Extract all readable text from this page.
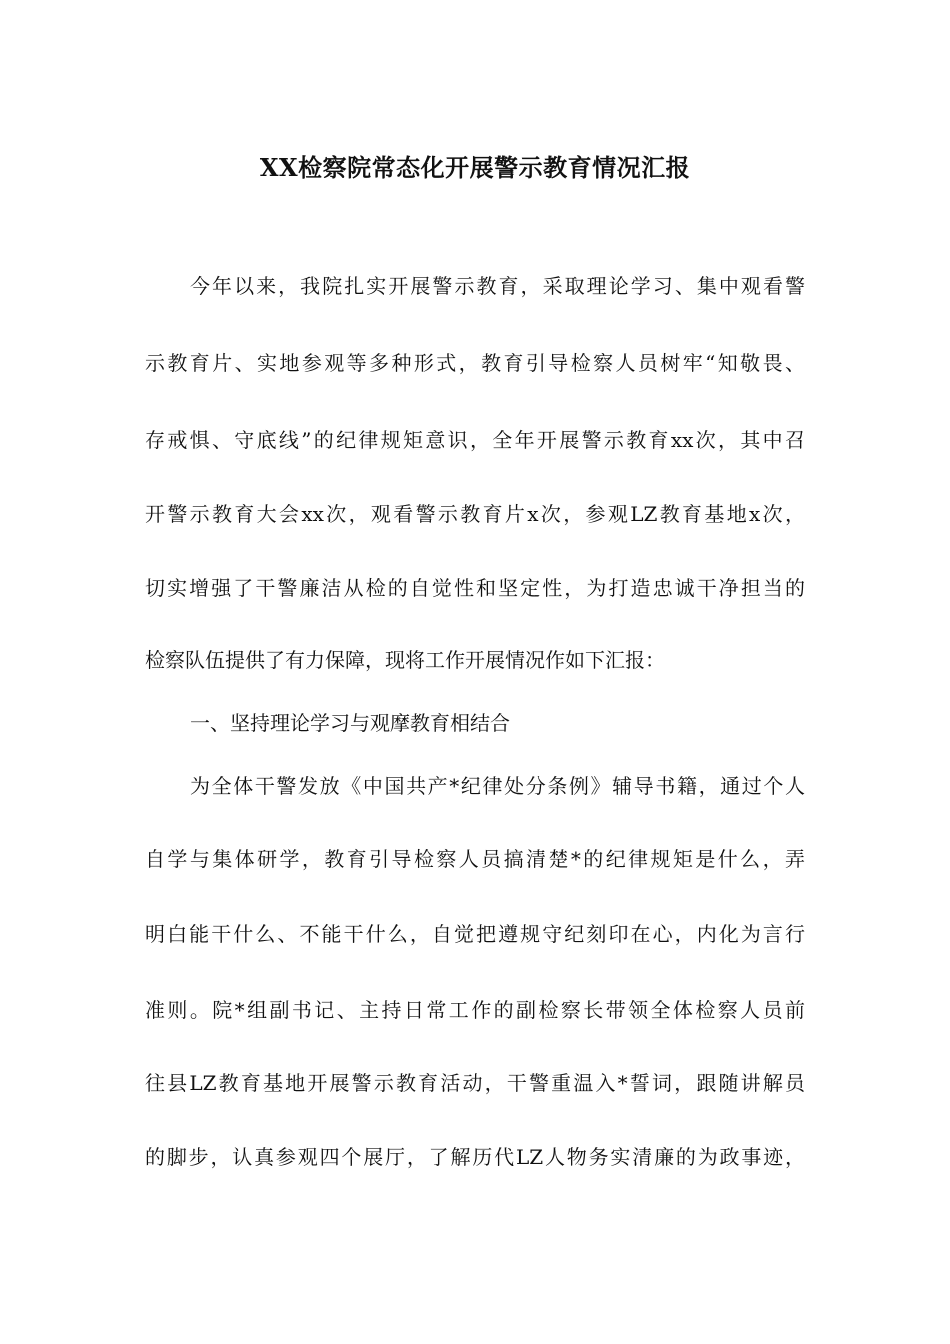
XX检察院常态化开展警示教育情况汇报
今年以来，我院扎实开展警示教育，采取理论学习、集中观看警
示教育片、实地参观等多种形式，教育引导检察人员树牢“知敬畏、
存戒惧、守底线”的纪律规矩意识，全年开展警示教育xx次，其中召
开警示教育大会xx次，观看警示教育片x次，参观LZ教育基地x次，
切实增强了干警廉洁从检的自觉性和坚定性，为打造忠诚干净担当的
检察队伍提供了有力保障，现将工作开展情况作如下汇报：
一、坚持理论学习与观摩教育相结合
为全体干警发放《中国共产*纪律处分条例》辅导书籍，通过个人
自学与集体研学，教育引导检察人员搞清楚*的纪律规矩是什么，弄
明白能干什么、不能干什么，自觉把遵规守纪刻印在心，内化为言行
准则。院*组副书记、主持日常工作的副检察长带领全体检察人员前
往县LZ教育基地开展警示教育活动，干警重温入*誓词，跟随讲解员
的脚步，认真参观四个展厅，了解历代LZ人物务实清廉的为政事迹，
